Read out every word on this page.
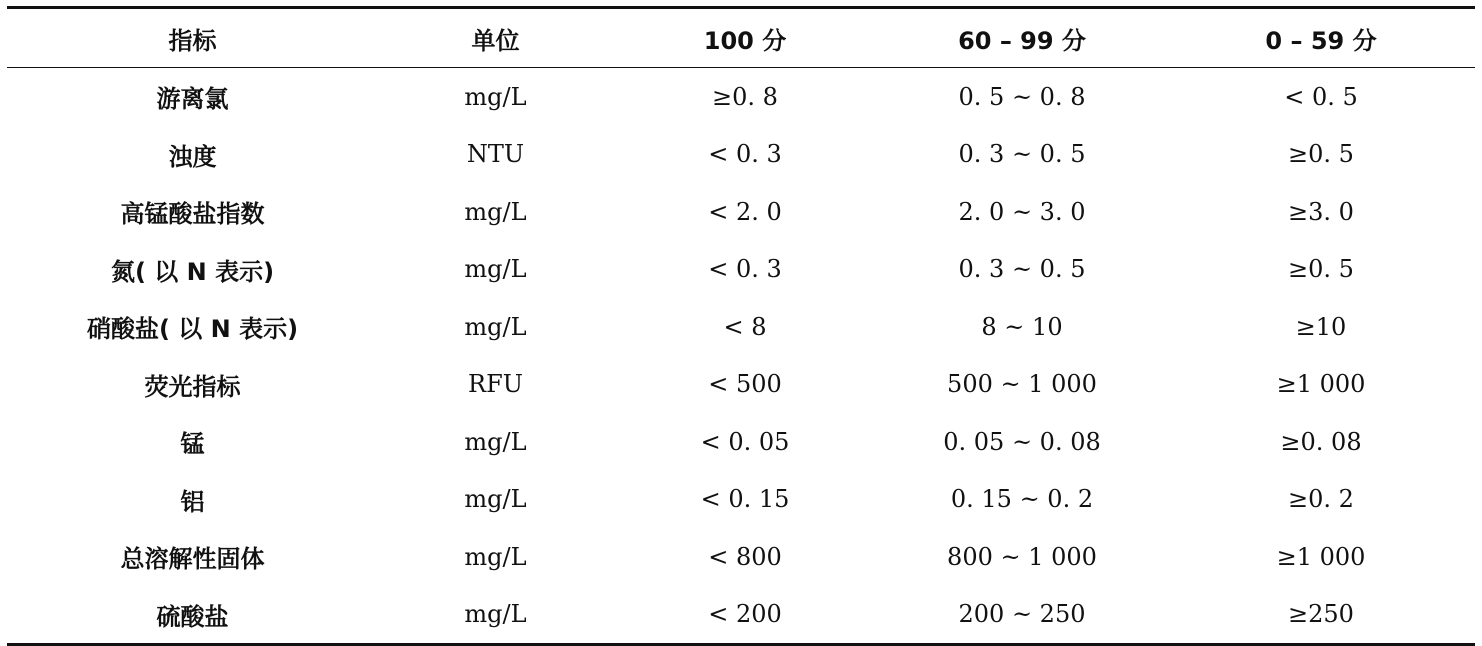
指标	单位	100 分	60 – 99 分	0 – 59 分
游离氯	mg/L	≥0. 8	0. 5 ~ 0. 8	< 0. 5
浊度	NTU	< 0. 3	0. 3 ~ 0. 5	≥0. 5
高锰酸盐指数	mg/L	< 2. 0	2. 0 ~ 3. 0	≥3. 0
氮( 以 N 表示)	mg/L	< 0. 3	0. 3 ~ 0. 5	≥0. 5
硝酸盐( 以 N 表示)	mg/L	< 8	8 ~ 10	≥10
荧光指标	RFU	< 500	500 ~ 1 000	≥1 000
锰	mg/L	< 0. 05	0. 05 ~ 0. 08	≥0. 08
铝	mg/L	< 0. 15	0. 15 ~ 0. 2	≥0. 2
总溶解性固体	mg/L	< 800	800 ~ 1 000	≥1 000
硫酸盐	mg/L	< 200	200 ~ 250	≥250
